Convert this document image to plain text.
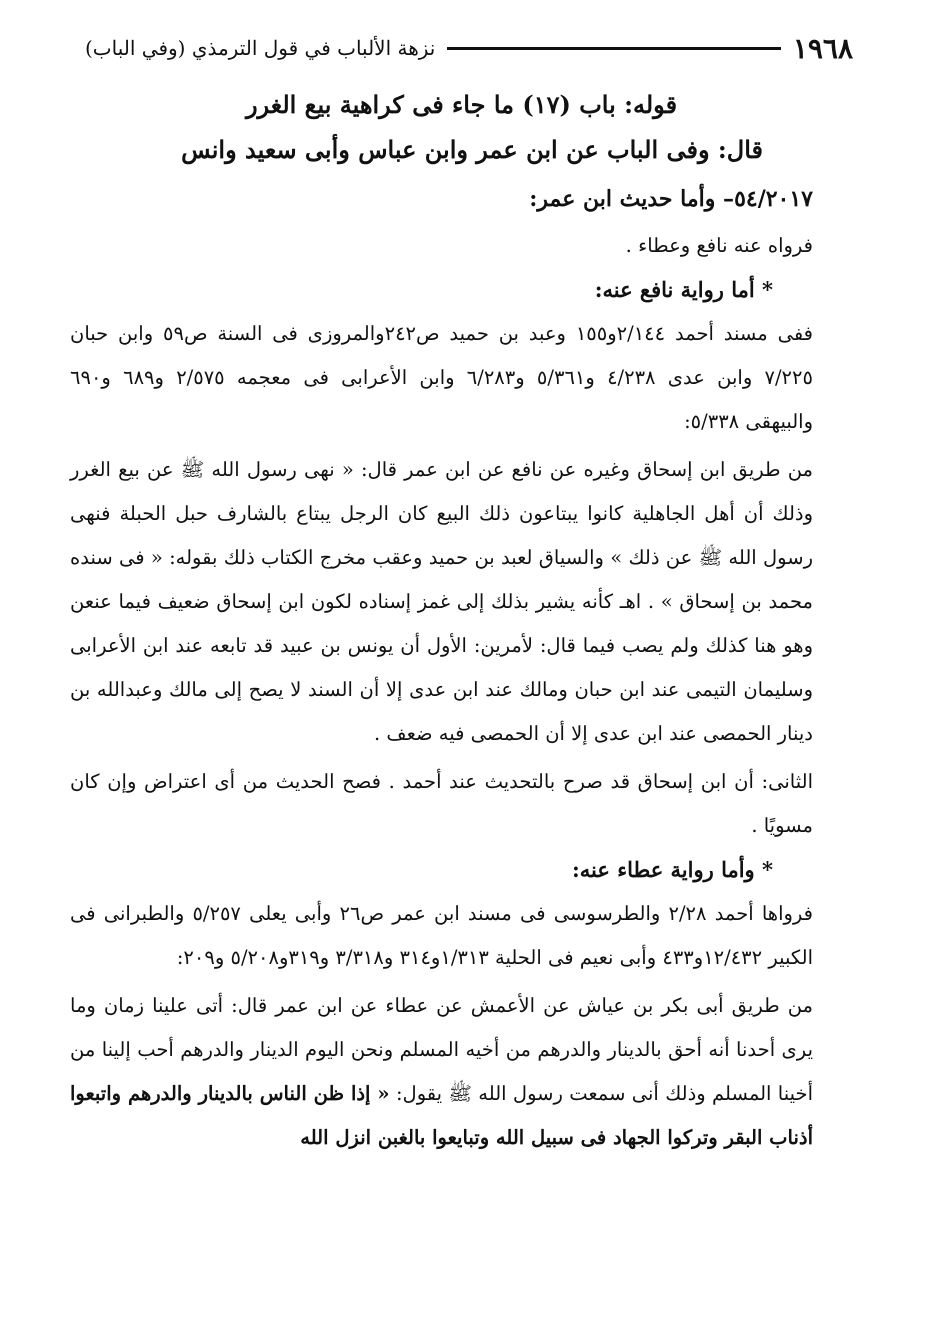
١٩٦٨
نزهة الألباب في قول الترمذي (وفي الباب)

قوله: باب (١٧) ما جاء فى كراهية بيع الغرر

قال: وفى الباب عن ابن عمر وابن عباس وأبى سعيد وانس

٥٤/٢٠١٧– وأما حديث ابن عمر:

فرواه عنه نافع وعطاء .

* أما رواية نافع عنه:

ففى مسند أحمد ٢/١٤٤و١٥٥ وعبد بن حميد ص٢٤٢والمروزى فى السنة ص٥٩ وابن حبان ٧/٢٢٥ وابن عدى ٤/٢٣٨ و٥/٣٦١ و٦/٢٨٣ وابن الأعرابى فى معجمه ٢/٥٧٥ و٦٨٩ و٦٩٠ والبيهقى ٥/٣٣٨:

من طريق ابن إسحاق وغيره عن نافع عن ابن عمر قال: « نهى رسول الله ﷺ عن بيع الغرر وذلك أن أهل الجاهلية كانوا يبتاعون ذلك البيع كان الرجل يبتاع بالشارف حبل الحبلة فنهى رسول الله ﷺ عن ذلك » والسياق لعبد بن حميد وعقب مخرج الكتاب ذلك بقوله: « فى سنده محمد بن إسحاق » . اهـ كأنه يشير بذلك إلى غمز إسناده لكون ابن إسحاق ضعيف فيما عنعن وهو هنا كذلك ولم يصب فيما قال: لأمرين: الأول أن يونس بن عبيد قد تابعه عند ابن الأعرابى وسليمان التيمى عند ابن حبان ومالك عند ابن عدى إلا أن السند لا يصح إلى مالك وعبدالله بن دينار الحمصى عند ابن عدى إلا أن الحمصى فيه ضعف .

الثانى: أن ابن إسحاق قد صرح بالتحديث عند أحمد . فصح الحديث من أى اعتراض وإن كان مسويًا .

* وأما رواية عطاء عنه:

فرواها أحمد ٢/٢٨ والطرسوسى فى مسند ابن عمر ص٢٦ وأبى يعلى ٥/٢٥٧ والطبرانى فى الكبير ١٢/٤٣٢و٤٣٣ وأبى نعيم فى الحلية ١/٣١٣و٣١٤ و٣/٣١٨ و٣١٩و٥/٢٠٨ و٢٠٩:

من طريق أبى بكر بن عياش عن الأعمش عن عطاء عن ابن عمر قال: أتى علينا زمان وما يرى أحدنا أنه أحق بالدينار والدرهم من أخيه المسلم ونحن اليوم الدينار والدرهم أحب إلينا من أخينا المسلم وذلك أنى سمعت رسول الله ﷺ يقول: « إذا ظن الناس بالدينار والدرهم واتبعوا أذناب البقر وتركوا الجهاد فى سبيل الله وتبايعوا بالغبن انزل الله
